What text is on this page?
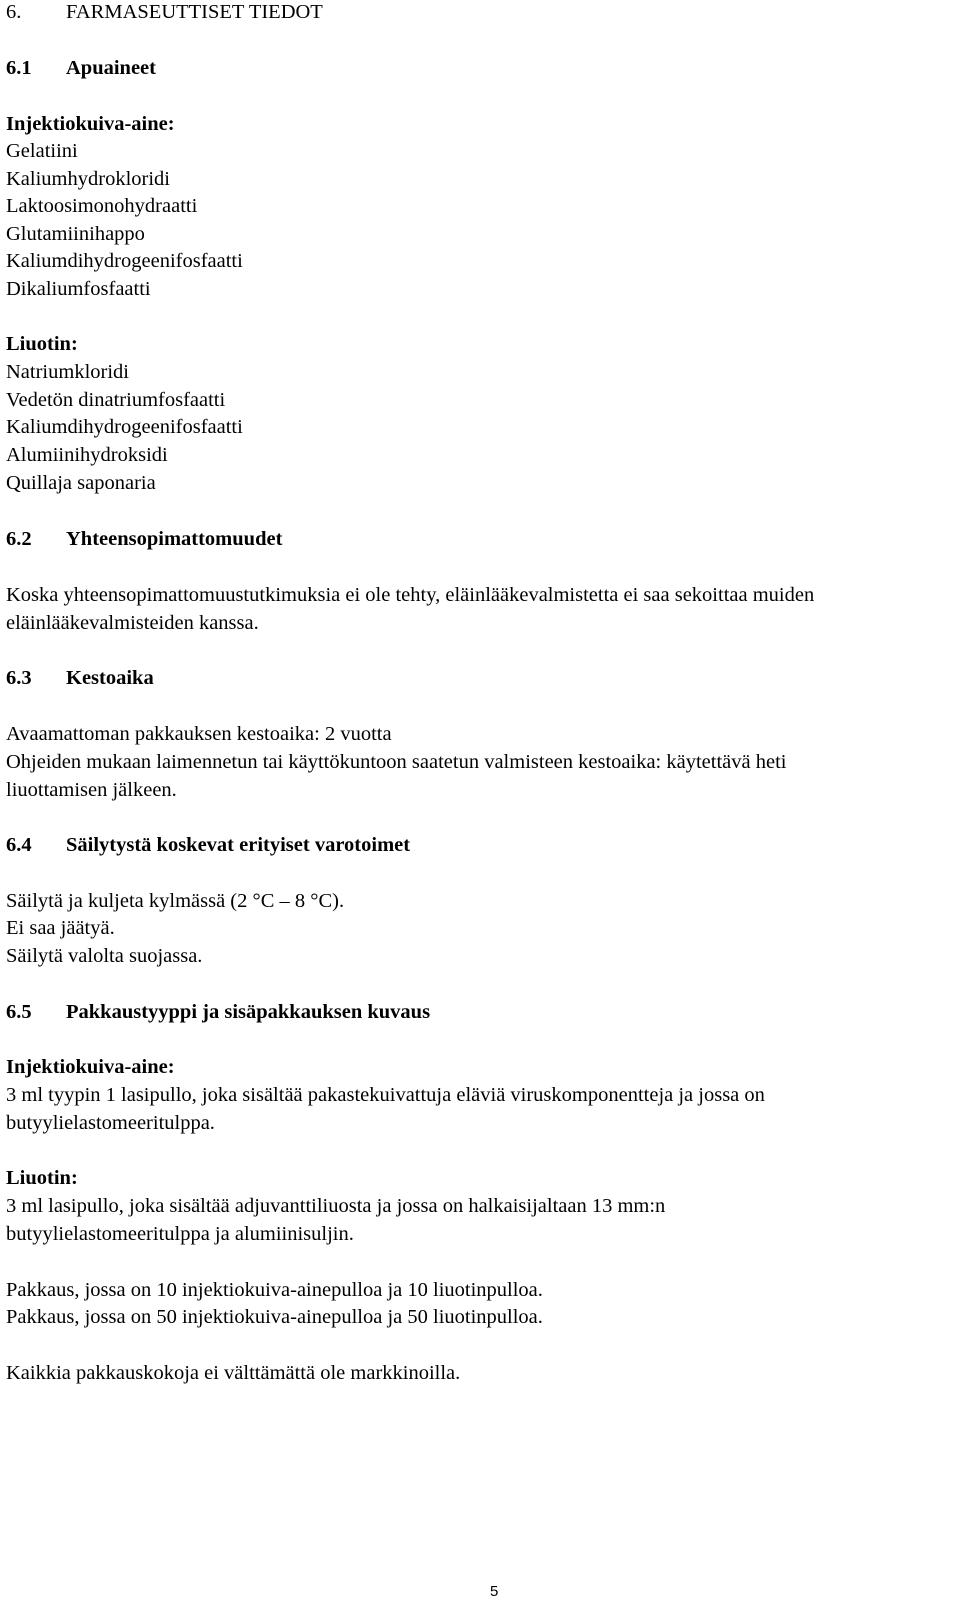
6. FARMASEUTTISET TIEDOT
6.1 Apuaineet
Injektiokuiva-aine:
Gelatiini
Kaliumhydrokloridi
Laktoosimonohydraatti
Glutamiinihappo
Kaliumdihydrogeenifosfaatti
Dikaliumfosfaatti
Liuotin:
Natriumkloridi
Vedetön dinatriumfosfaatti
Kaliumdihydrogeenifosfaatti
Alumiinihydroksidi
Quillaja saponaria
6.2 Yhteensopimattomuudet
Koska yhteensopimattomuustutkimuksia ei ole tehty, eläinlääkevalmistetta ei saa sekoittaa muiden
eläinlääkevalmisteiden kanssa.
6.3 Kestoaika
Avaamattoman pakkauksen kestoaika: 2 vuotta
Ohjeiden mukaan laimennetun tai käyttökuntoon saatetun valmisteen kestoaika: käytettävä heti
liuottamisen jälkeen.
6.4 Säilytystä koskevat erityiset varotoimet
Säilytä ja kuljeta kylmässä (2 °C – 8 °C).
Ei saa jäätyä.
Säilytä valolta suojassa.
6.5 Pakkaustyyppi ja sisäpakkauksen kuvaus
Injektiokuiva-aine:
3 ml tyypin 1 lasipullo, joka sisältää pakastekuivattuja eläviä viruskomponentteja ja jossa on
butyylielastomeeritulppa.
Liuotin:
3 ml lasipullo, joka sisältää adjuvanttiliuosta ja jossa on halkaisijaltaan 13 mm:n
butyylielastomeeritulppa ja alumiinisuljin.
Pakkaus, jossa on 10 injektiokuiva-ainepulloa ja 10 liuotinpulloa.
Pakkaus, jossa on 50 injektiokuiva-ainepulloa ja 50 liuotinpulloa.
Kaikkia pakkauskokoja ei välttämättä ole markkinoilla.
5
